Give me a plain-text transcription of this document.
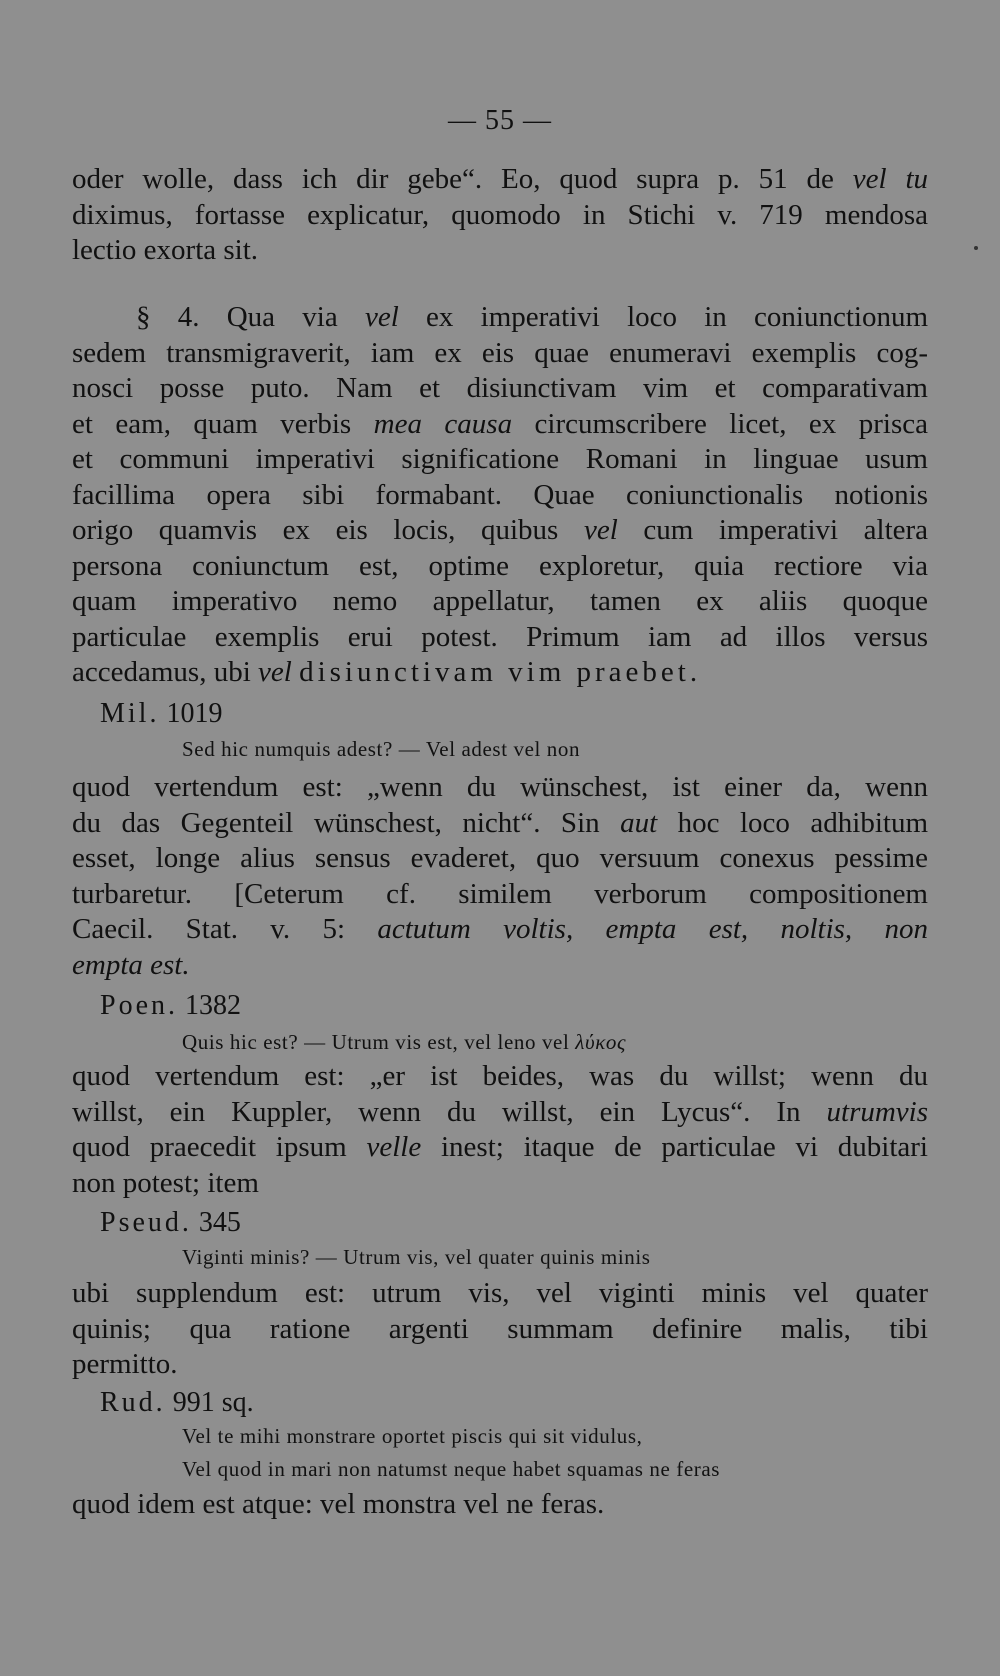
— 55 —
oder wolle, dass ich dir gebe“. Eo, quod supra p. 51 de vel tu
diximus, fortasse explicatur, quomodo in Stichi v. 719 mendosa
lectio exorta sit.
§ 4. Qua via vel ex imperativi loco in coniunctionum
sedem transmigraverit, iam ex eis quae enumeravi exemplis cog-
nosci posse puto. Nam et disiunctivam vim et comparativam
et eam, quam verbis mea causa circumscribere licet, ex prisca
et communi imperativi significatione Romani in linguae usum
facillima opera sibi formabant. Quae coniunctionalis notionis
origo quamvis ex eis locis, quibus vel cum imperativi altera
persona coniunctum est, optime exploretur, quia rectiore via
quam imperativo nemo appellatur, tamen ex aliis quoque
particulae exemplis erui potest. Primum iam ad illos versus
accedamus, ubi vel disiunctivam vim praebet.
Mil. 1019
Sed hic numquis adest? — Vel adest vel non
quod vertendum est: „wenn du wünschest, ist einer da, wenn
du das Gegenteil wünschest, nicht“. Sin aut hoc loco adhibitum
esset, longe alius sensus evaderet, quo versuum conexus pessime
turbaretur. [Ceterum cf. similem verborum compositionem
Caecil. Stat. v. 5: actutum voltis, empta est, noltis, non
empta est.
Poen. 1382
Quis hic est? — Utrum vis est, vel leno vel λύκος
quod vertendum est: „er ist beides, was du willst; wenn du
willst, ein Kuppler, wenn du willst, ein Lycus“. In utrumvis
quod praecedit ipsum velle inest; itaque de particulae vi dubitari
non potest; item
Pseud. 345
Viginti minis? — Utrum vis, vel quater quinis minis
ubi supplendum est: utrum vis, vel viginti minis vel quater
quinis; qua ratione argenti summam definire malis, tibi
permitto.
Rud. 991 sq.
Vel te mihi monstrare oportet piscis qui sit vidulus,
Vel quod in mari non natumst neque habet squamas ne feras
quod idem est atque: vel monstra vel ne feras.
